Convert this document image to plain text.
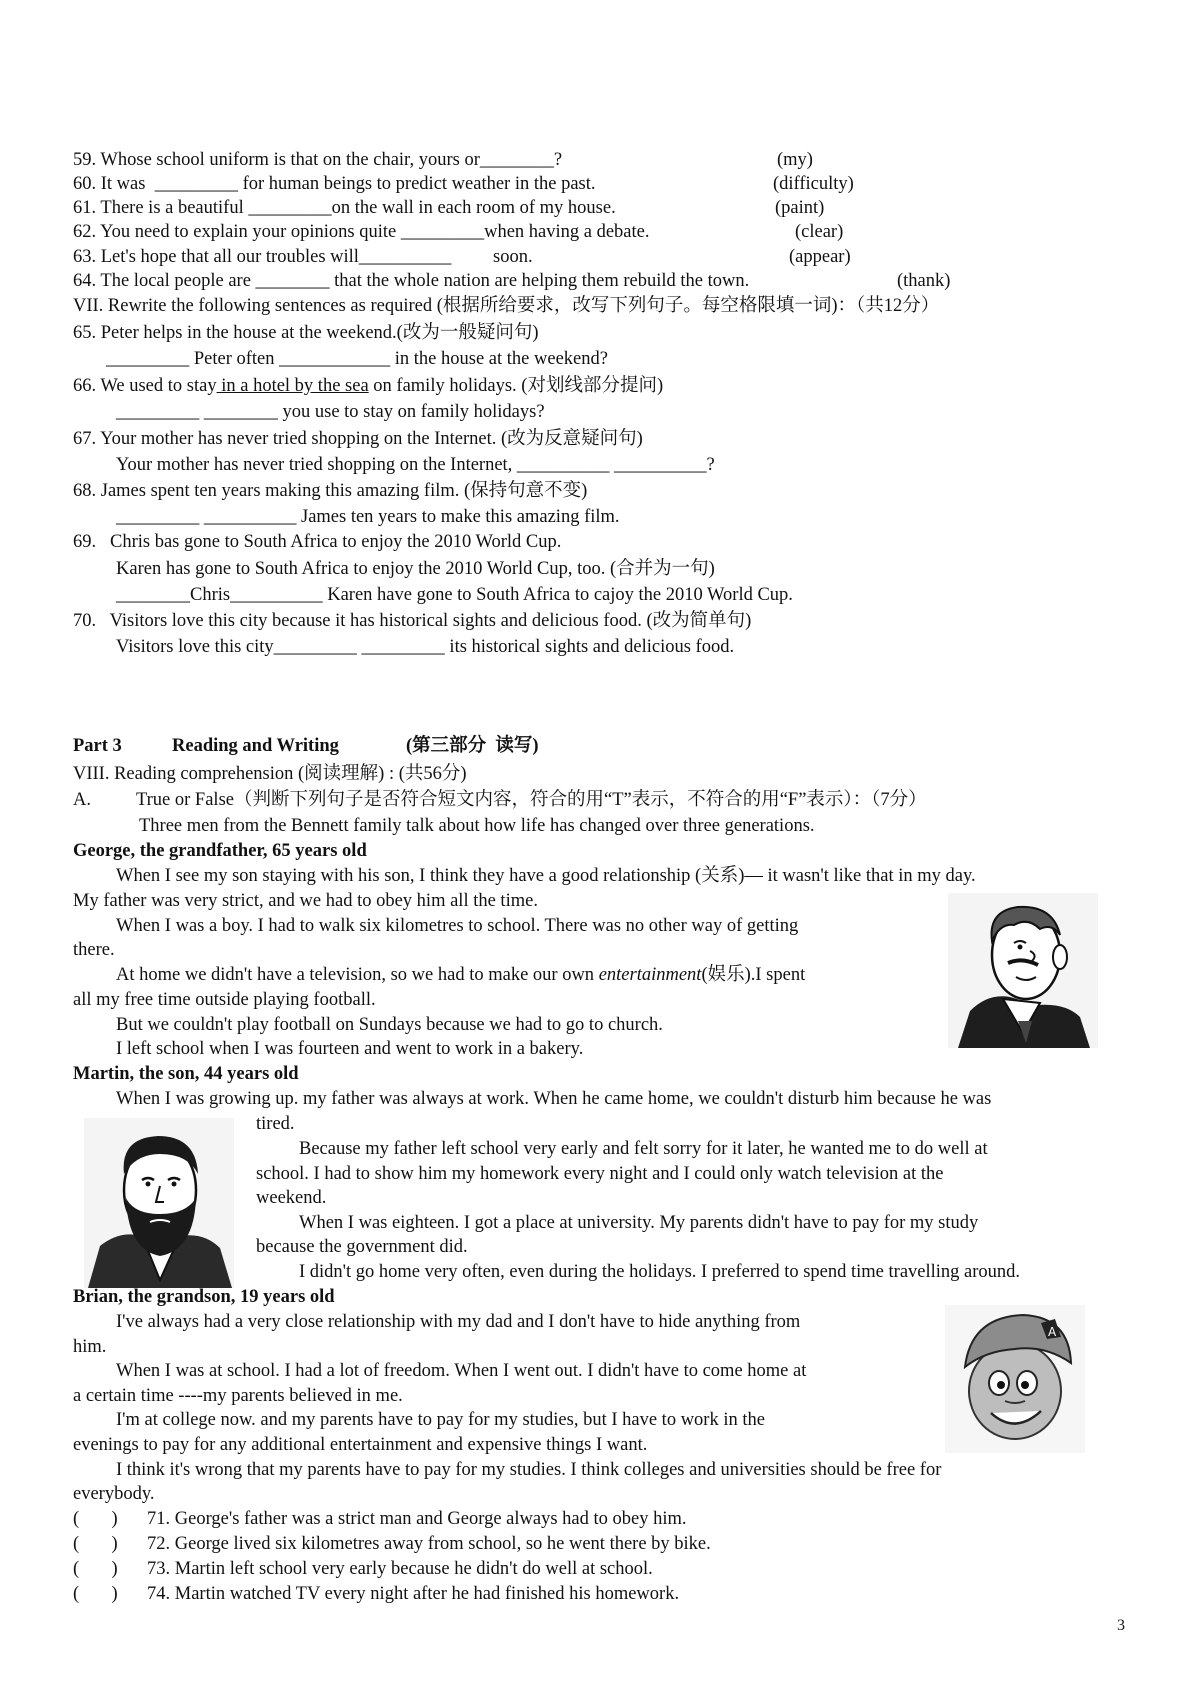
59. Whose school uniform is that on the chair, yours or________?	(my)
60. It was  _________ for human beings to predict weather in the past.	(difficulty)
61. There is a beautiful _________on the wall in each room of my house.	(paint)
62. You need to explain your opinions quite _________when having a debate.	(clear)
63. Let's hope that all our troubles will__________         soon.	(appear)
64. The local people are ________ that the whole nation are helping them rebuild the town.	(thank)
VII. Rewrite the following sentences as required (根据所给要求，改写下列句子。每空格限填一词)：（共12分）
65. Peter helps in the house at the weekend.(改为一般疑问句)
_________ Peter often ____________ in the house at the weekend?
66. We used to stay in a hotel by the sea on family holidays. (对划线部分提问)
_________ ________ you use to stay on family holidays?
67. Your mother has never tried shopping on the Internet. (改为反意疑问句)
Your mother has never tried shopping on the Internet, __________ __________?
68. James spent ten years making this amazing film. (保持句意不变)
_________ __________ James ten years to make this amazing film.
69.   Chris bas gone to South Africa to enjoy the 2010 World Cup.
Karen has gone to South Africa to enjoy the 2010 World Cup, too. (合并为一句)
________Chris__________ Karen have gone to South Africa to cajoy the 2010 World Cup.
70.   Visitors love this city because it has historical sights and delicious food. (改为简单句)
Visitors love this city_________ _________ its historical sights and delicious food.
Part 3	Reading and Writing	(第三部分  读写)
VIII. Reading comprehension (阅读理解) : (共56分)
A. True or False（判断下列句子是否符合短文内容，符合的用“T”表示，不符合的用“F”表示）：（7分）
Three men from the Bennett family talk about how life has changed over three generations.
George, the grandfather, 65 years old
When I see my son staying with his son, I think they have a good relationship (关系)— it wasn't like that in my day.
My father was very strict, and we had to obey him all the time.
When I was a boy. I had to walk six kilometres to school. There was no other way of getting
there.
At home we didn't have a television, so we had to make our own entertainment(娱乐).I spent
all my free time outside playing football.
But we couldn't play football on Sundays because we had to go to church.
I left school when I was fourteen and went to work in a bakery.
Martin, the son, 44 years old
When I was growing up. my father was always at work. When he came home, we couldn't disturb him because he was
tired.
Because my father left school very early and felt sorry for it later, he wanted me to do well at
school. I had to show him my homework every night and I could only watch television at the
weekend.
When I was eighteen. I got a place at university. My parents didn't have to pay for my study
because the government did.
I didn't go home very often, even during the holidays. I preferred to spend time travelling around.
Brian, the grandson, 19 years old
I've always had a very close relationship with my dad and I don't have to hide anything from
him.
When I was at school. I had a lot of freedom. When I went out. I didn't have to come home at
a certain time ----my parents believed in me.
I'm at college now. and my parents have to pay for my studies, but I have to work in the
evenings to pay for any additional entertainment and expensive things I want.
I think it's wrong that my parents have to pay for my studies. I think colleges and universities should be free for
everybody.
A
(       ) 71. George's father was a strict man and George always had to obey him.
(       ) 72. George lived six kilometres away from school, so he went there by bike.
(       ) 73. Martin left school very early because he didn't do well at school.
(       ) 74. Martin watched TV every night after he had finished his homework.
3
